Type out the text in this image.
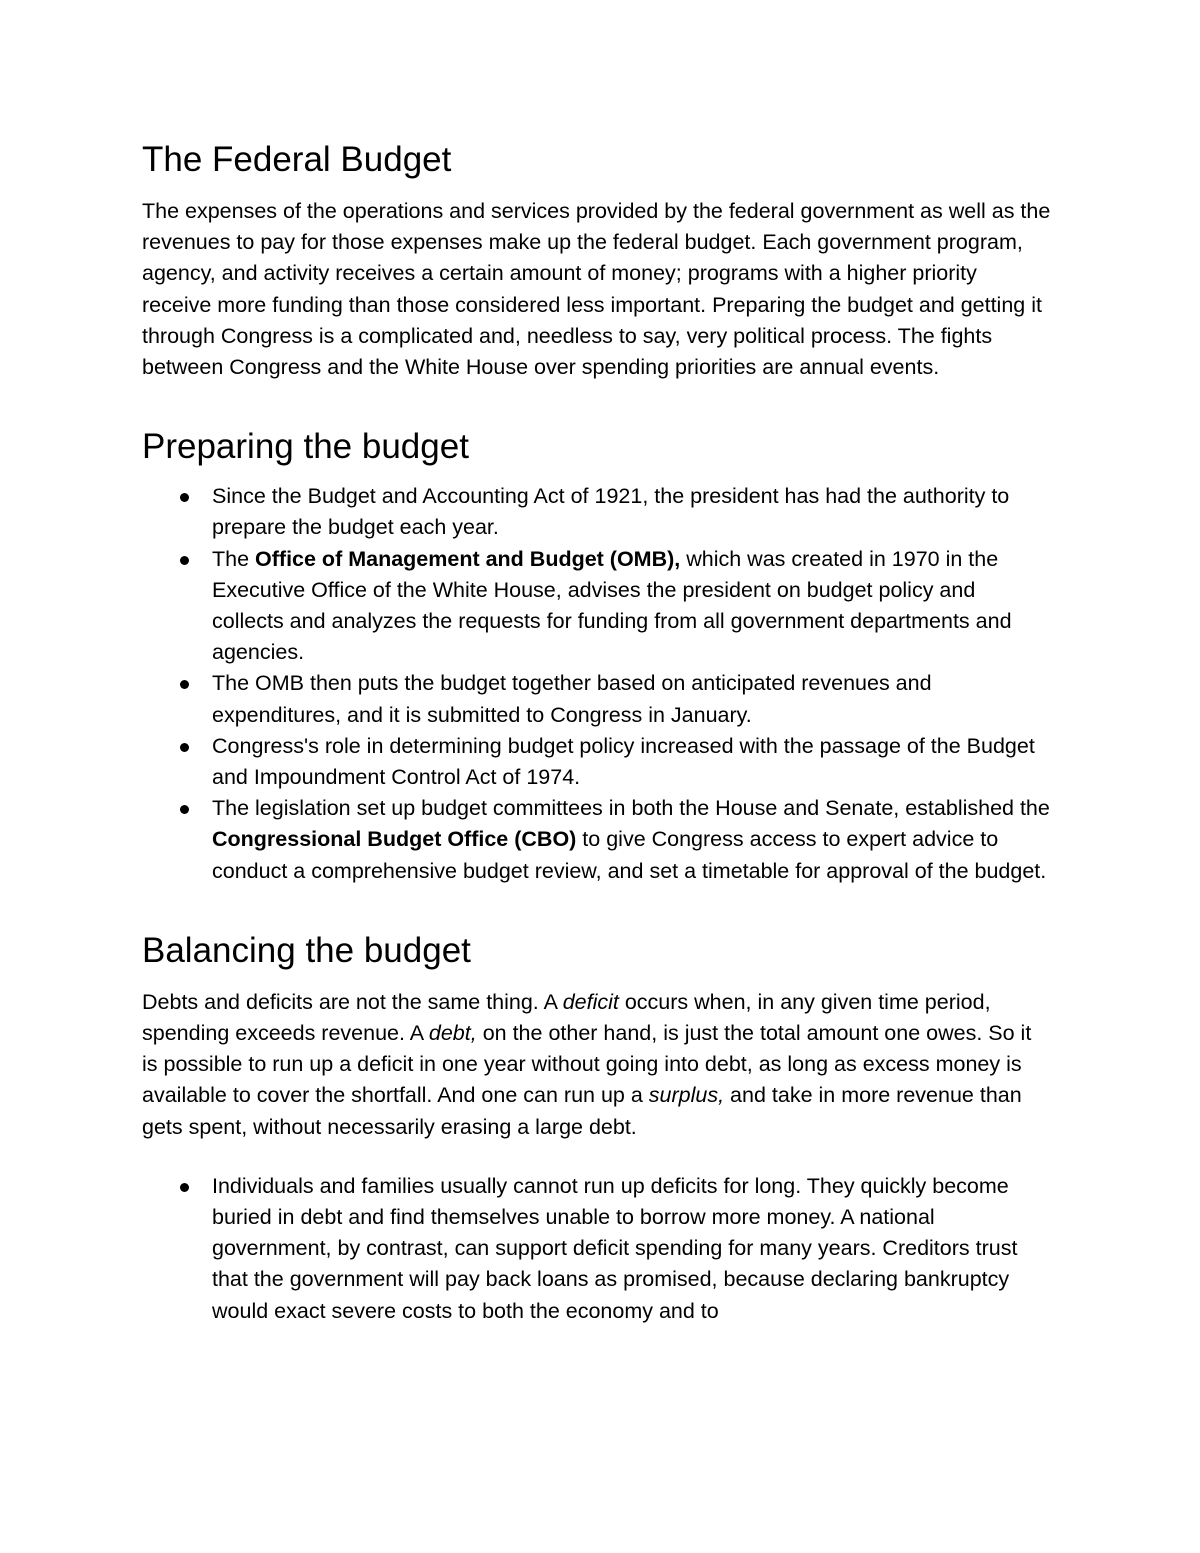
The Federal Budget

The expenses of the operations and services provided by the federal government as well as the revenues to pay for those expenses make up the federal budget. Each government program, agency, and activity receives a certain amount of money; programs with a higher priority receive more funding than those considered less important. Preparing the budget and getting it through Congress is a complicated and, needless to say, very political process. The fights between Congress and the White House over spending priorities are annual events.

Preparing the budget
Since the Budget and Accounting Act of 1921, the president has had the authority to prepare the budget each year.
The Office of Management and Budget (OMB), which was created in 1970 in the Executive Office of the White House, advises the president on budget policy and collects and analyzes the requests for funding from all government departments and agencies.
The OMB then puts the budget together based on anticipated revenues and expenditures, and it is submitted to Congress in January.
Congress's role in determining budget policy increased with the passage of the Budget and Impoundment Control Act of 1974.
The legislation set up budget committees in both the House and Senate, established the Congressional Budget Office (CBO) to give Congress access to expert advice to conduct a comprehensive budget review, and set a timetable for approval of the budget.
Balancing the budget

Debts and deficits are not the same thing. A deficit occurs when, in any given time period, spending exceeds revenue. A debt, on the other hand, is just the total amount one owes. So it is possible to run up a deficit in one year without going into debt, as long as excess money is available to cover the shortfall. And one can run up a surplus, and take in more revenue than gets spent, without necessarily erasing a large debt.

Individuals and families usually cannot run up deficits for long. They quickly become buried in debt and find themselves unable to borrow more money. A national government, by contrast, can support deficit spending for many years. Creditors trust that the government will pay back loans as promised, because declaring bankruptcy would exact severe costs to both the economy and to
